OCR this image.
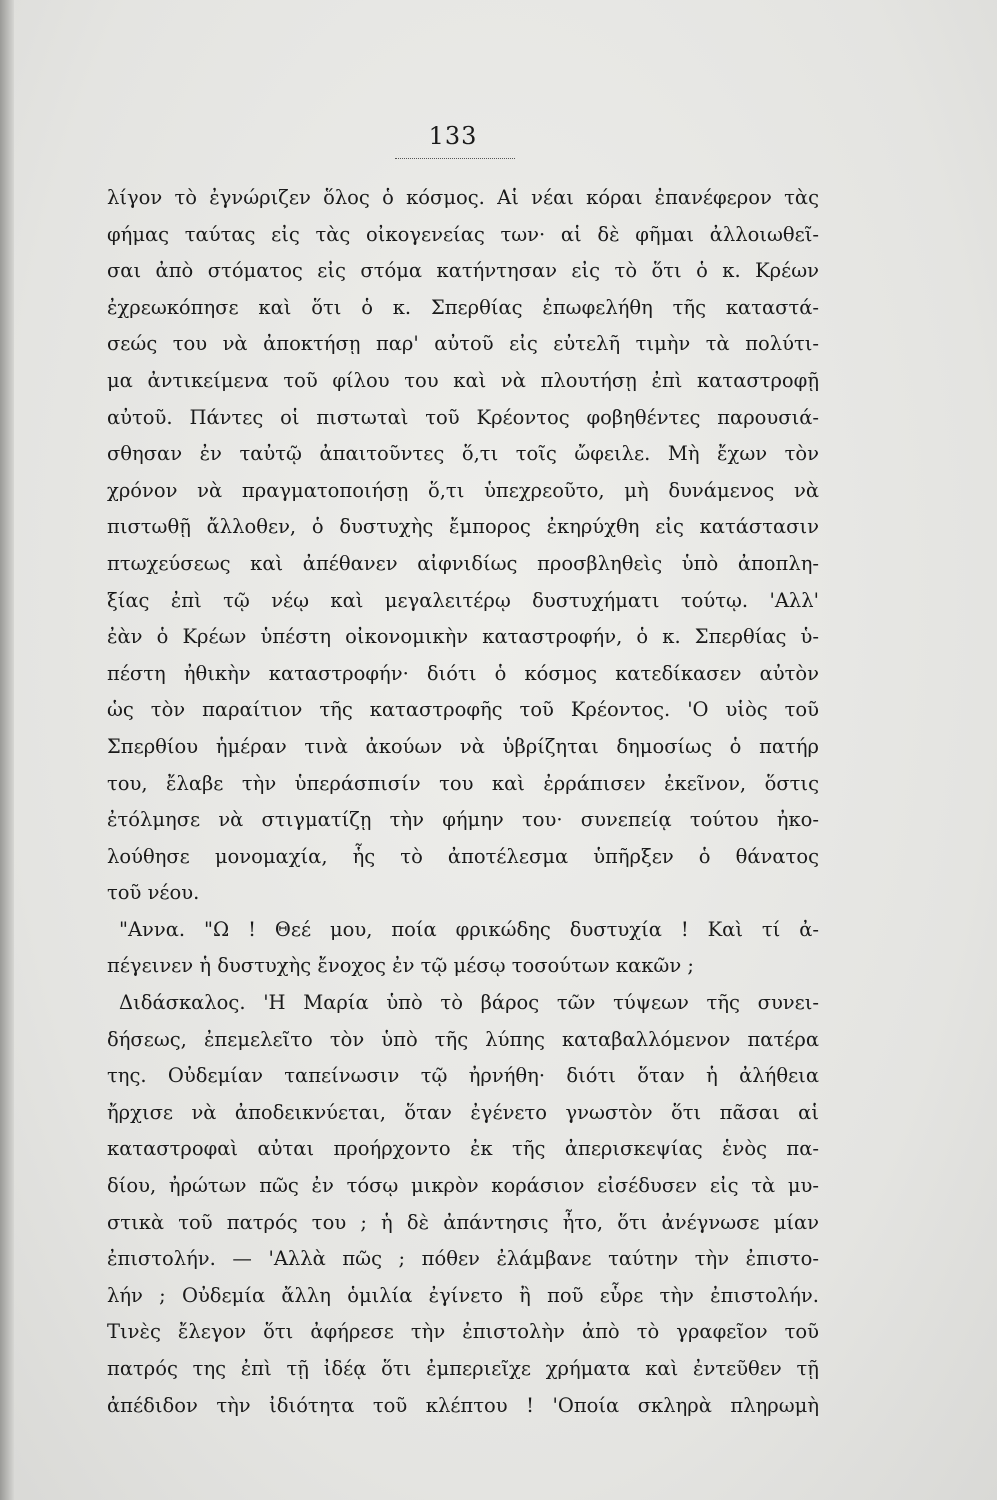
133
λίγον τὸ ἐγνώριζεν ὅλος ὁ κόσμος. Αἱ νέαι κόραι ἐπανέφερον τὰς
φήμας ταύτας εἰς τὰς οἰκογενείας των· αἱ δὲ φῆμαι ἀλλοιωθεῖ-
σαι ἀπὸ στόματος εἰς στόμα κατήντησαν εἰς τὸ ὅτι ὁ κ. Κρέων
ἐχρεωκόπησε καὶ ὅτι ὁ κ. Σπερθίας ἐπωφελήθη τῆς καταστά-
σεώς του νὰ ἀποκτήσῃ παρ' αὐτοῦ εἰς εὐτελῆ τιμὴν τὰ πολύτι-
μα ἀντικείμενα τοῦ φίλου του καὶ νὰ πλουτήσῃ ἐπὶ καταστροφῇ
αὐτοῦ. Πάντες οἱ πιστωταὶ τοῦ Κρέοντος φοβηθέντες παρουσιά-
σθησαν ἐν ταὐτῷ ἀπαιτοῦντες ὅ,τι τοῖς ὤφειλε. Μὴ ἔχων τὸν
χρόνον νὰ πραγματοποιήσῃ ὅ,τι ὑπεχρεοῦτο, μὴ δυνάμενος νὰ
πιστωθῇ ἄλλοθεν, ὁ δυστυχὴς ἔμπορος ἐκηρύχθη εἰς κατάστασιν
πτωχεύσεως καὶ ἀπέθανεν αἰφνιδίως προσβληθεὶς ὑπὸ ἀποπλη-
ξίας ἐπὶ τῷ νέῳ καὶ μεγαλειτέρῳ δυστυχήματι τούτῳ. 'Αλλ'
ἐὰν ὁ Κρέων ὑπέστη οἰκονομικὴν καταστροφήν, ὁ κ. Σπερθίας ὑ-
πέστη ἠθικὴν καταστροφήν· διότι ὁ κόσμος κατεδίκασεν αὐτὸν
ὡς τὸν παραίτιον τῆς καταστροφῆς τοῦ Κρέοντος. 'Ο υἱὸς τοῦ
Σπερθίου ἡμέραν τινὰ ἀκούων νὰ ὑβρίζηται δημοσίως ὁ πατήρ
του, ἔλαβε τὴν ὑπεράσπισίν του καὶ ἐρράπισεν ἐκεῖνον, ὅστις
ἐτόλμησε νὰ στιγματίζῃ τὴν φήμην του· συνεπείᾳ τούτου ἠκο-
λούθησε μονομαχία, ἧς τὸ ἀποτέλεσμα ὑπῆρξεν ὁ θάνατος
τοῦ νέου.
"Αννα. "Ω ! Θεέ μου, ποία φρικώδης δυστυχία ! Καὶ τί ἀ-
πέγεινεν ἡ δυστυχὴς ἔνοχος ἐν τῷ μέσῳ τοσούτων κακῶν ;
Διδάσκαλος. 'Η Μαρία ὑπὸ τὸ βάρος τῶν τύψεων τῆς συνει-
δήσεως, ἐπεμελεῖτο τὸν ὑπὸ τῆς λύπης καταβαλλόμενον πατέρα
της. Οὐδεμίαν ταπείνωσιν τῷ ἠρνήθη· διότι ὅταν ἡ ἀλήθεια
ἤρχισε νὰ ἀποδεικνύεται, ὅταν ἐγένετο γνωστὸν ὅτι πᾶσαι αἱ
καταστροφαὶ αὐται προήρχοντο ἐκ τῆς ἀπερισκεψίας ἑνὸς πα-
δίου, ἠρώτων πῶς ἐν τόσῳ μικρὸν κοράσιον εἰσέδυσεν εἰς τὰ μυ-
στικὰ τοῦ πατρός του ; ἡ δὲ ἀπάντησις ἦτο, ὅτι ἀνέγνωσε μίαν
ἐπιστολήν. — 'Αλλὰ πῶς ; πόθεν ἐλάμβανε ταύτην τὴν ἐπιστο-
λήν ; Οὐδεμία ἄλλη ὁμιλία ἐγίνετο ἢ ποῦ εὗρε τὴν ἐπιστολήν.
Τινὲς ἔλεγον ὅτι ἀφήρεσε τὴν ἐπιστολὴν ἀπὸ τὸ γραφεῖον τοῦ
πατρός της ἐπὶ τῇ ἰδέᾳ ὅτι ἐμπεριεῖχε χρήματα καὶ ἐντεῦθεν τῇ
ἀπέδιδον τὴν ἰδιότητα τοῦ κλέπτου ! 'Οποία σκληρὰ πληρωμὴ
